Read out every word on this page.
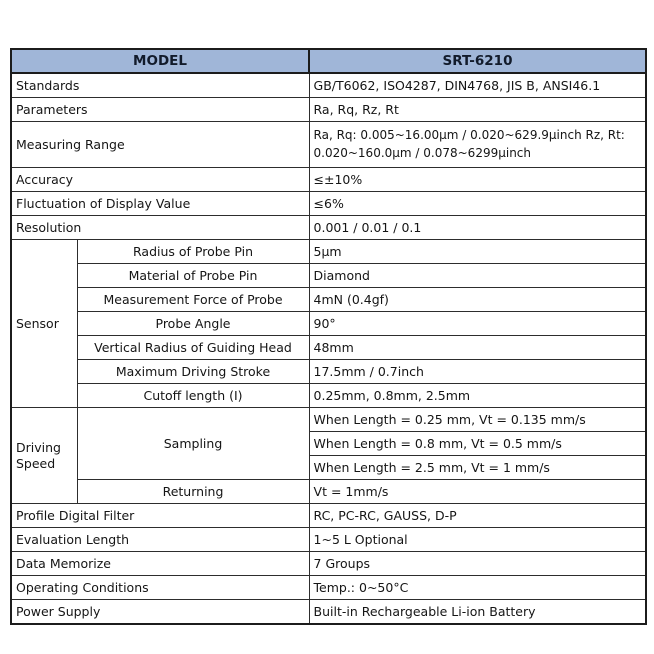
MODEL		SRT-6210
Standards		GB/T6062, ISO4287, DIN4768, JIS B, ANSI46.1
Parameters		Ra, Rq, Rz, Rt
Measuring Range		Ra, Rq: 0.005~16.00μm / 0.020~629.9μinch Rz, Rt: 0.020~160.0μm / 0.078~6299μinch
Accuracy		≤±10%
Fluctuation of Display Value		≤6%
Resolution		0.001 / 0.01 / 0.1
Sensor	Radius of Probe Pin	5μm
	Material of Probe Pin	Diamond
	Measurement Force of Probe	4mN (0.4gf)
	Probe Angle	90°
	Vertical Radius of Guiding Head	48mm
	Maximum Driving Stroke	17.5mm / 0.7inch
	Cutoff length (I)	0.25mm, 0.8mm, 2.5mm
Driving Speed	Sampling	When Length = 0.25 mm, Vt = 0.135 mm/s
		When Length = 0.8 mm, Vt = 0.5 mm/s
		When Length = 2.5 mm, Vt = 1 mm/s
	Returning	Vt = 1mm/s
Profile Digital Filter		RC, PC-RC, GAUSS, D-P
Evaluation Length		1~5 L Optional
Data Memorize		7 Groups
Operating Conditions		Temp.: 0~50°C
Power Supply		Built-in Rechargeable Li-ion Battery
